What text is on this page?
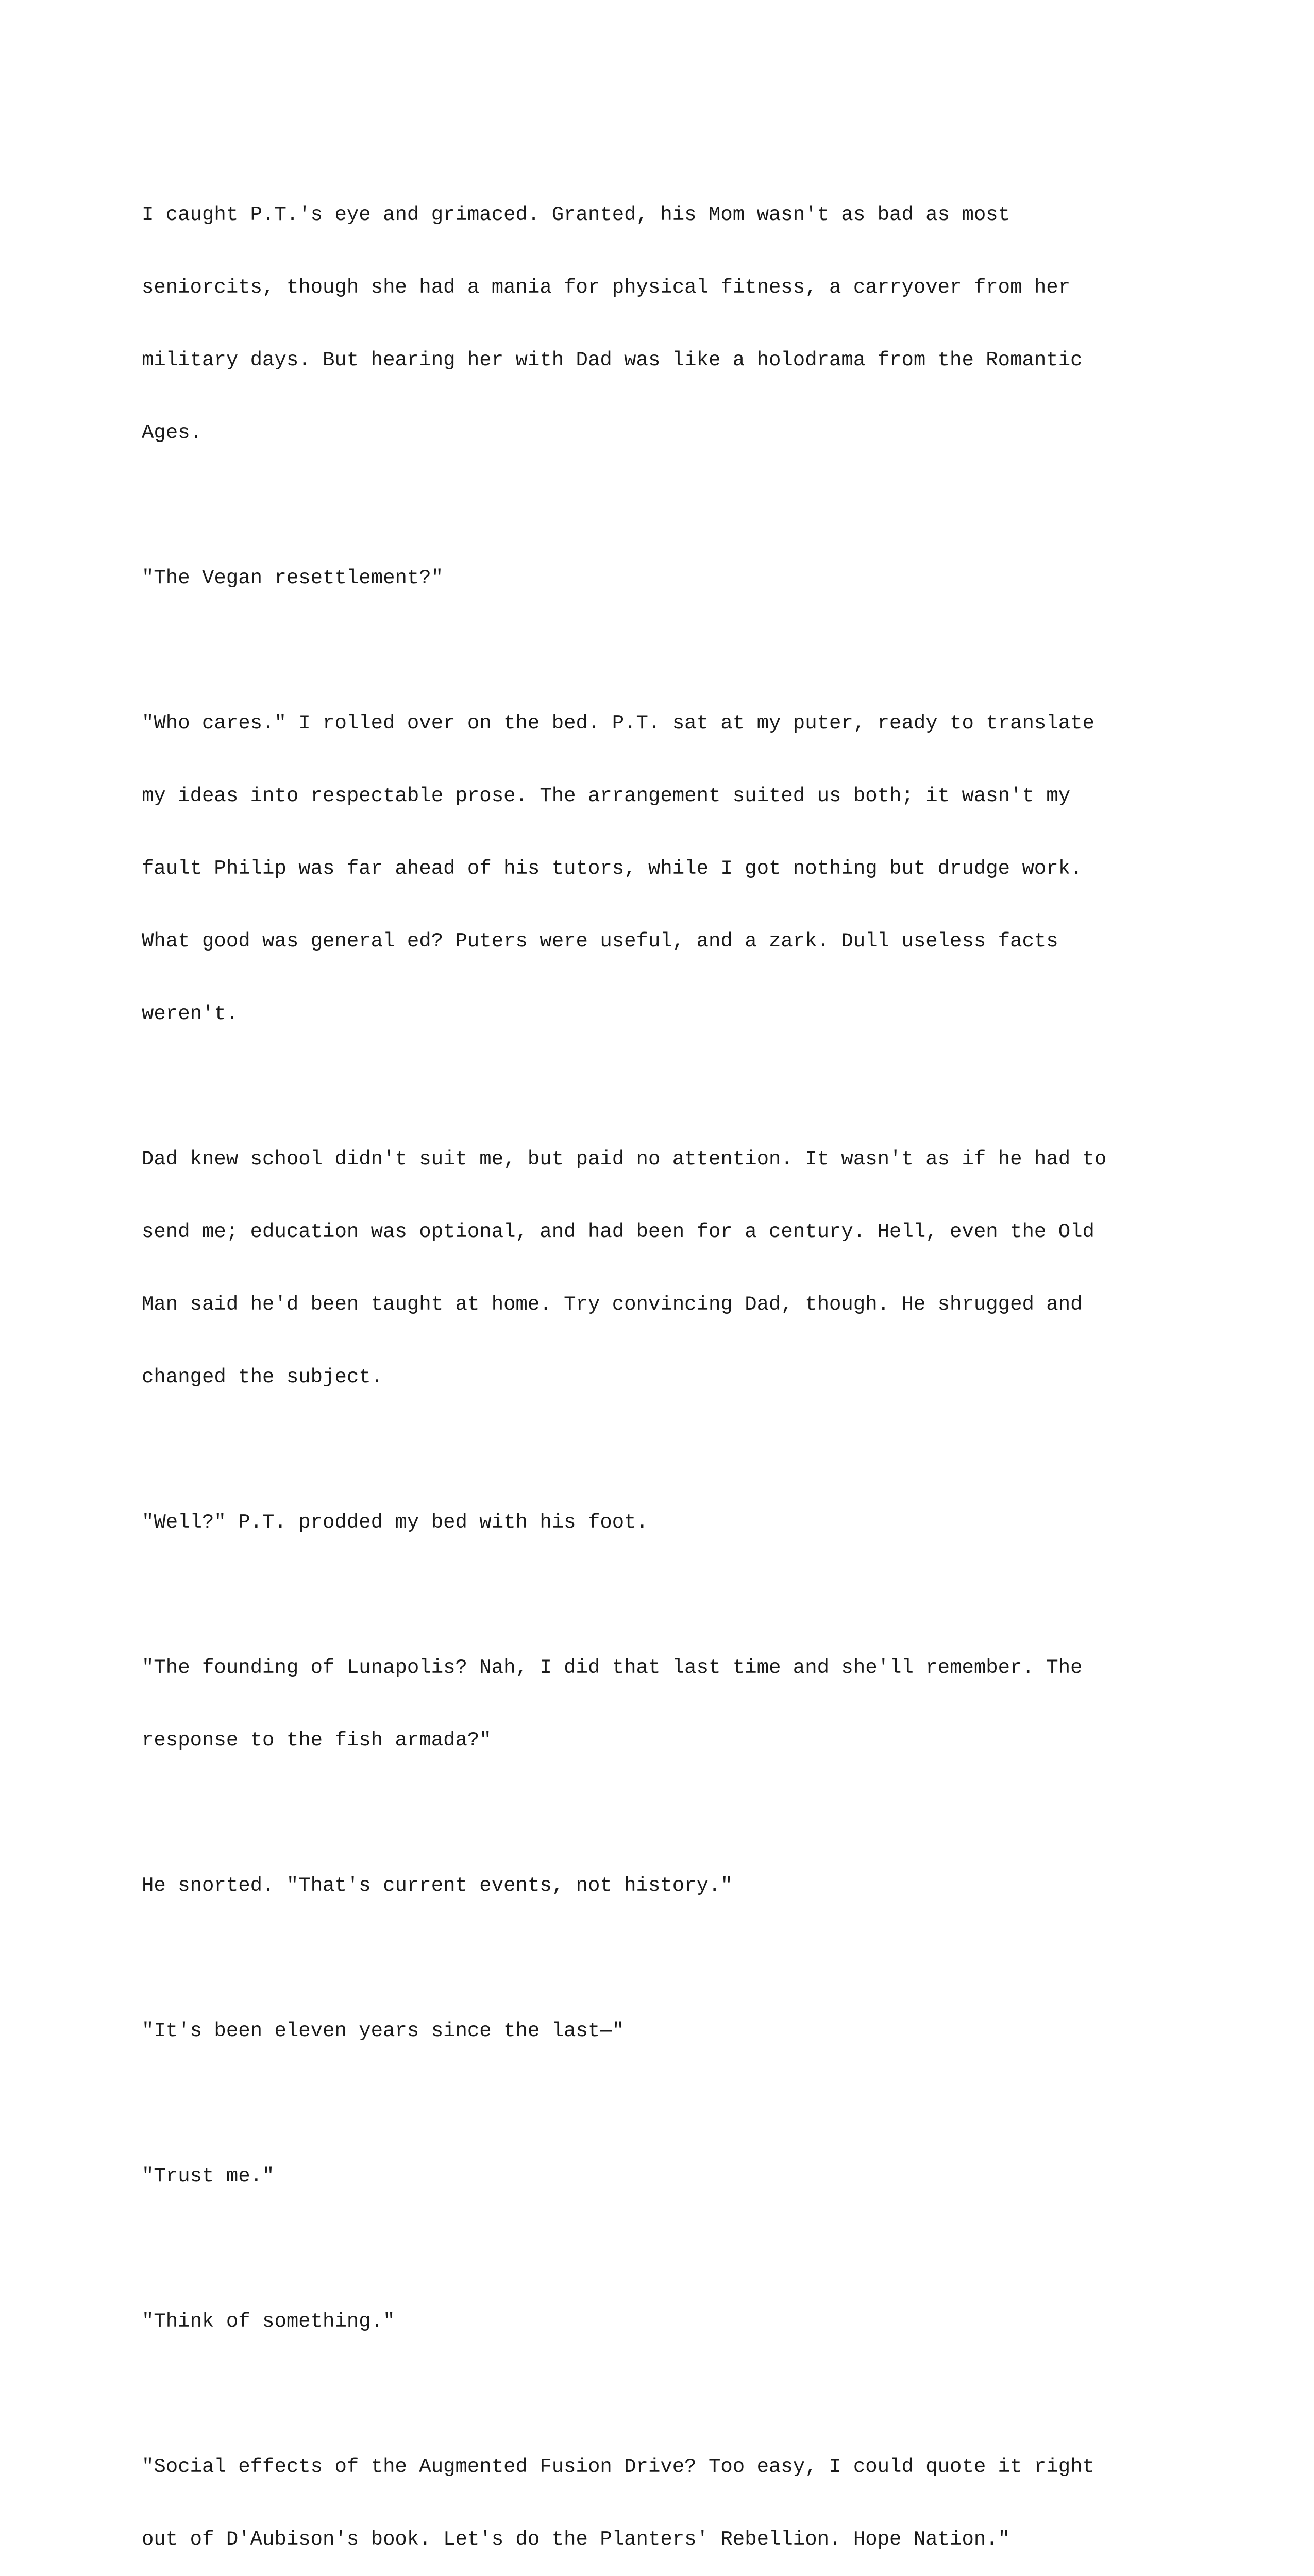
I caught P.T.'s eye and grimaced. Granted, his Mom wasn't as bad as most

seniorcits, though she had a mania for physical fitness, a carryover from her

military days. But hearing her with Dad was like a holodrama from the Romantic

Ages.

"The Vegan resettlement?"

"Who cares." I rolled over on the bed. P.T. sat at my puter, ready to translate

my ideas into respectable prose. The arrangement suited us both; it wasn't my

fault Philip was far ahead of his tutors, while I got nothing but drudge work.

What good was general ed? Puters were useful, and a zark. Dull useless facts

weren't.

Dad knew school didn't suit me, but paid no attention. It wasn't as if he had to

send me; education was optional, and had been for a century. Hell, even the Old

Man said he'd been taught at home. Try convincing Dad, though. He shrugged and

changed the subject.

"Well?" P.T. prodded my bed with his foot.

"The founding of Lunapolis? Nah, I did that last time and she'll remember. The

response to the fish armada?"

He snorted. "That's current events, not history."

"It's been eleven years since the last—"

"Trust me."

"Think of something."

"Social effects of the Augmented Fusion Drive? Too easy, I could quote it right

out of D'Aubison's book. Let's do the Planters' Rebellion. Hope Nation."
